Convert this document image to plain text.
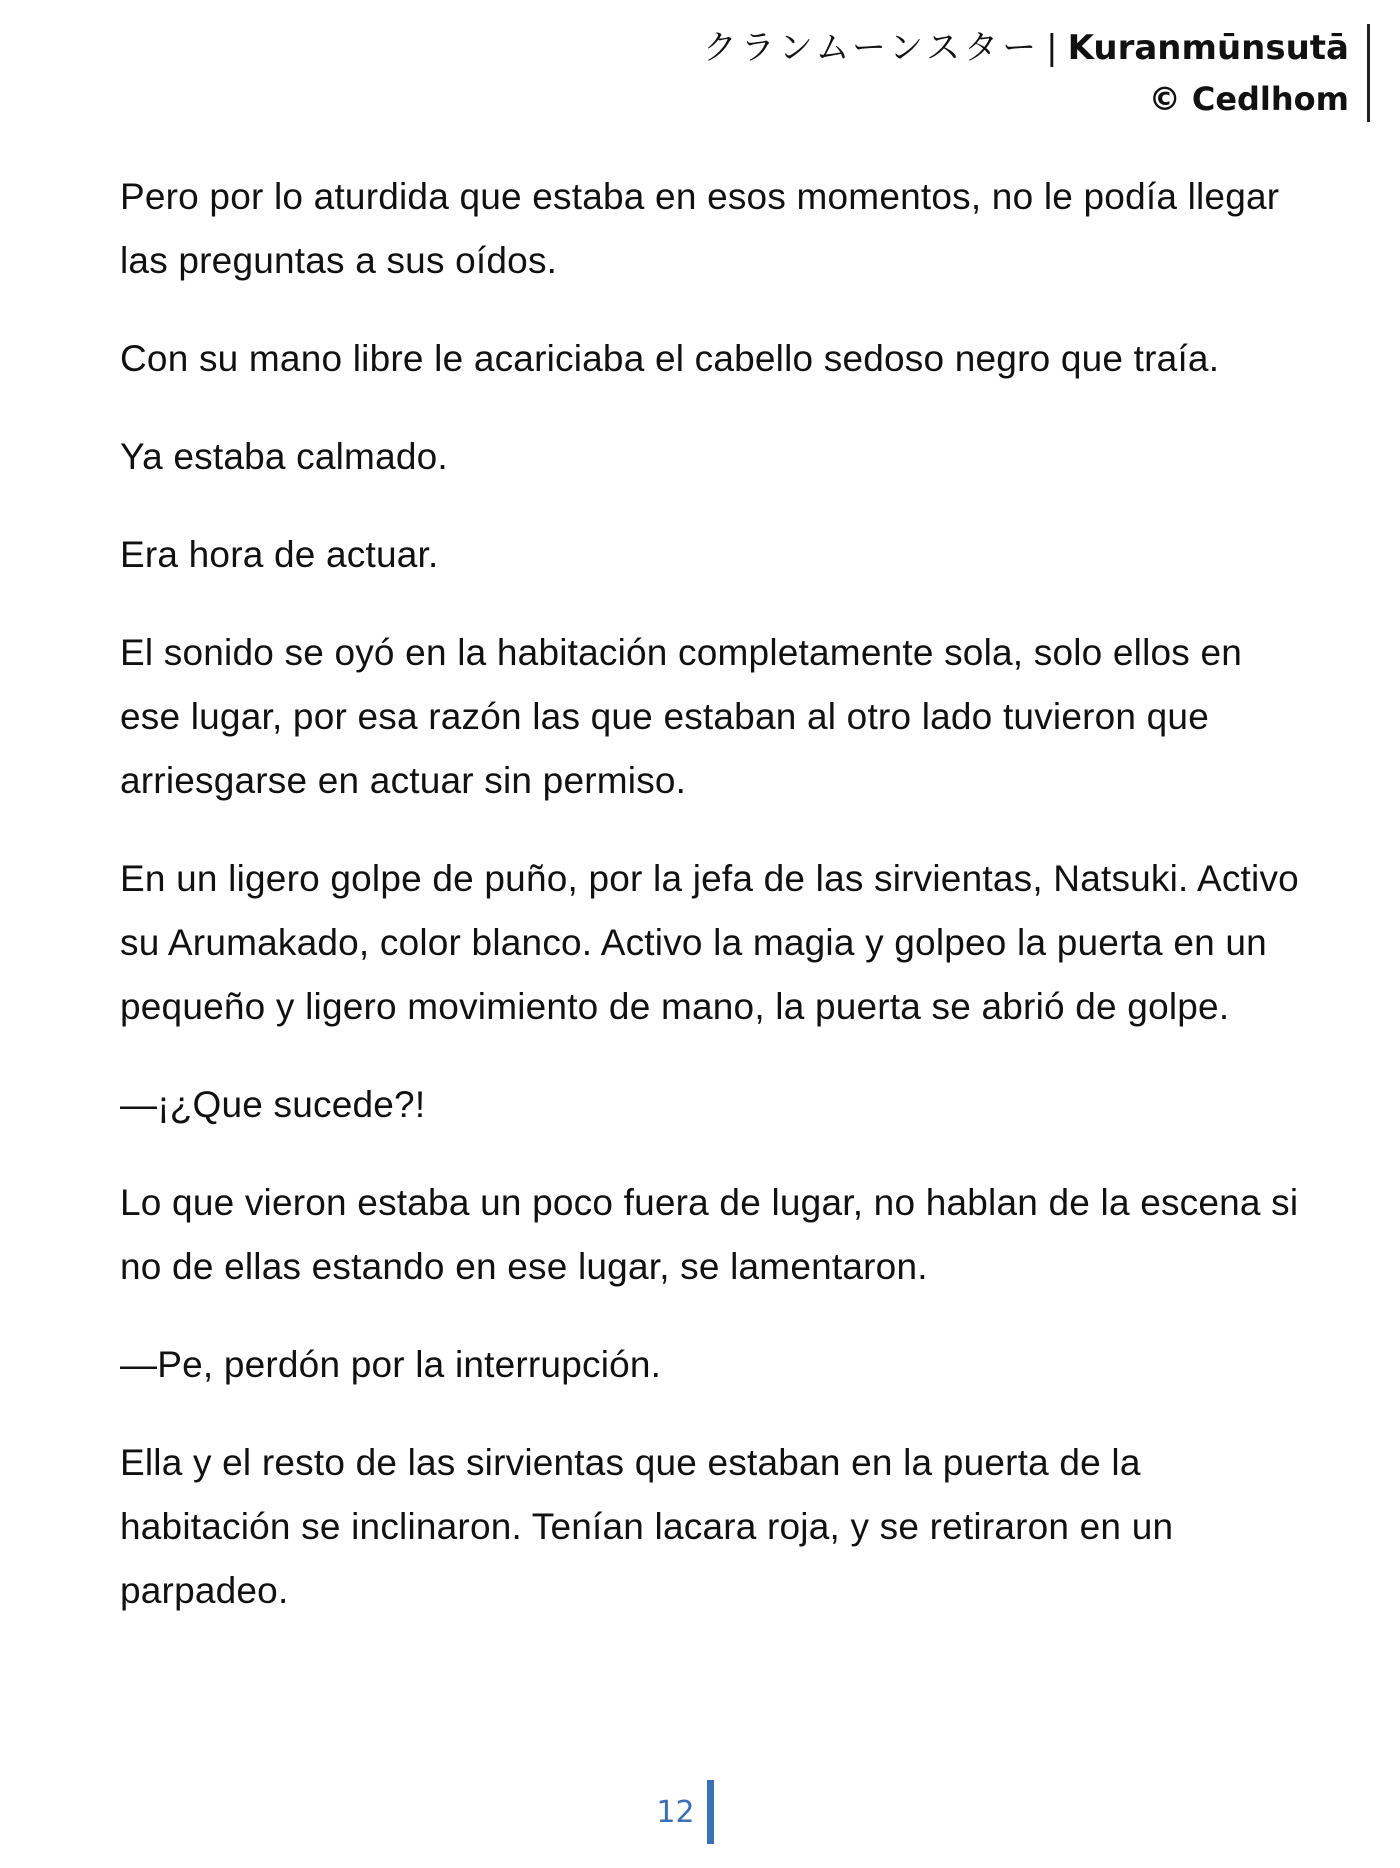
クランムーンスター | Kuranmūnsutā
© Cedlhom

Pero por lo aturdida que estaba en esos momentos, no le podía llegar las preguntas a sus oídos.

Con su mano libre le acariciaba el cabello sedoso negro que traía.

Ya estaba calmado.

Era hora de actuar.

El sonido se oyó en la habitación completamente sola, solo ellos en ese lugar, por esa razón las que estaban al otro lado tuvieron que arriesgarse en actuar sin permiso.

En un ligero golpe de puño, por la jefa de las sirvientas, Natsuki. Activo su Arumakado, color blanco. Activo la magia y golpeo la puerta en un pequeño y ligero movimiento de mano, la puerta se abrió de golpe.

—¡¿Que sucede?!

Lo que vieron estaba un poco fuera de lugar, no hablan de la escena si no de ellas estando en ese lugar, se lamentaron.

—Pe, perdón por la interrupción.

Ella y el resto de las sirvientas que estaban en la puerta de la habitación se inclinaron. Tenían lacara roja, y se retiraron en un parpadeo.

12
